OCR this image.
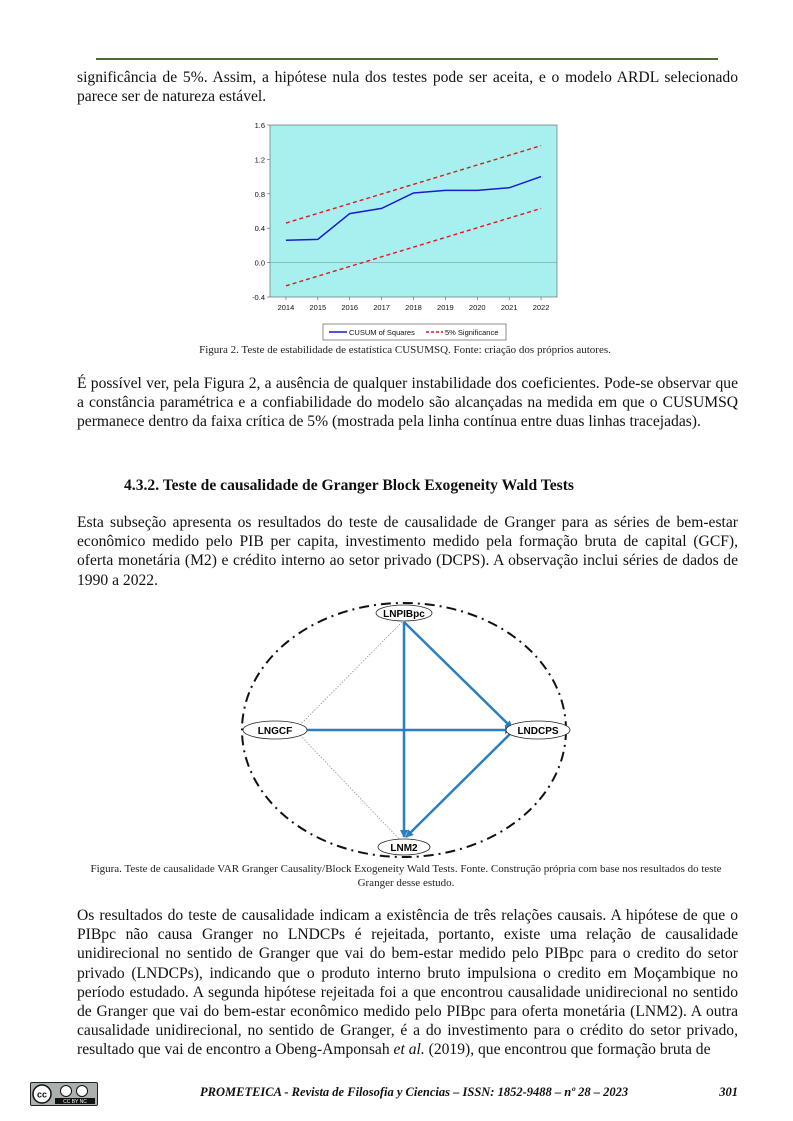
significância de 5%. Assim, a hipótese nula dos testes pode ser aceita, e o modelo ARDL selecionado parece ser de natureza estável.

-0.4
0.0
0.4
0.8
1.2
1.6
2014 2015 2016 2017 2018 2019 2020 2021 2022
CUSUM of Squares	5% Significance

Figura 2. Teste de estabilidade de estatística CUSUMSQ. Fonte: criação dos próprios autores.

É possível ver, pela Figura 2, a ausência de qualquer instabilidade dos coeficientes. Pode-se observar que a constância paramétrica e a confiabilidade do modelo são alcançadas na medida em que o CUSUMSQ permanece dentro da faixa crítica de 5% (mostrada pela linha contínua entre duas linhas tracejadas).

4.3.2. Teste de causalidade de Granger Block Exogeneity Wald Tests

Esta subseção apresenta os resultados do teste de causalidade de Granger para as séries de bem-estar econômico medido pelo PIB per capita, investimento medido pela formação bruta de capital (GCF), oferta monetária (M2) e crédito interno ao setor privado (DCPS). A observação inclui séries de dados de 1990 a 2022.

LNPIBpc
LNGCF	LNDCPS
LNM2

Figura. Teste de causalidade VAR Granger Causality/Block Exogeneity Wald Tests. Fonte. Construção própria com base nos resultados do teste Granger desse estudo.

Os resultados do teste de causalidade indicam a existência de três relações causais. A hipótese de que o PIBpc não causa Granger no LNDCPs é rejeitada, portanto, existe uma relação de causalidade unidirecional no sentido de Granger que vai do bem-estar medido pelo PIBpc para o credito do setor privado (LNDCPs), indicando que o produto interno bruto impulsiona o credito em Moçambique no período estudado. A segunda hipótese rejeitada foi a que encontrou causalidade unidirecional no sentido de Granger que vai do bem-estar econômico medido pelo PIBpc para oferta monetária (LNM2). A outra causalidade unidirecional, no sentido de Granger, é a do investimento para o crédito do setor privado, resultado que vai de encontro a Obeng-Amponsah et al. (2019), que encontrou que formação bruta de

cc
CC BY NC
PROMETEICA - Revista de Filosofia y Ciencias – ISSN: 1852-9488 – nº 28 – 2023	301
